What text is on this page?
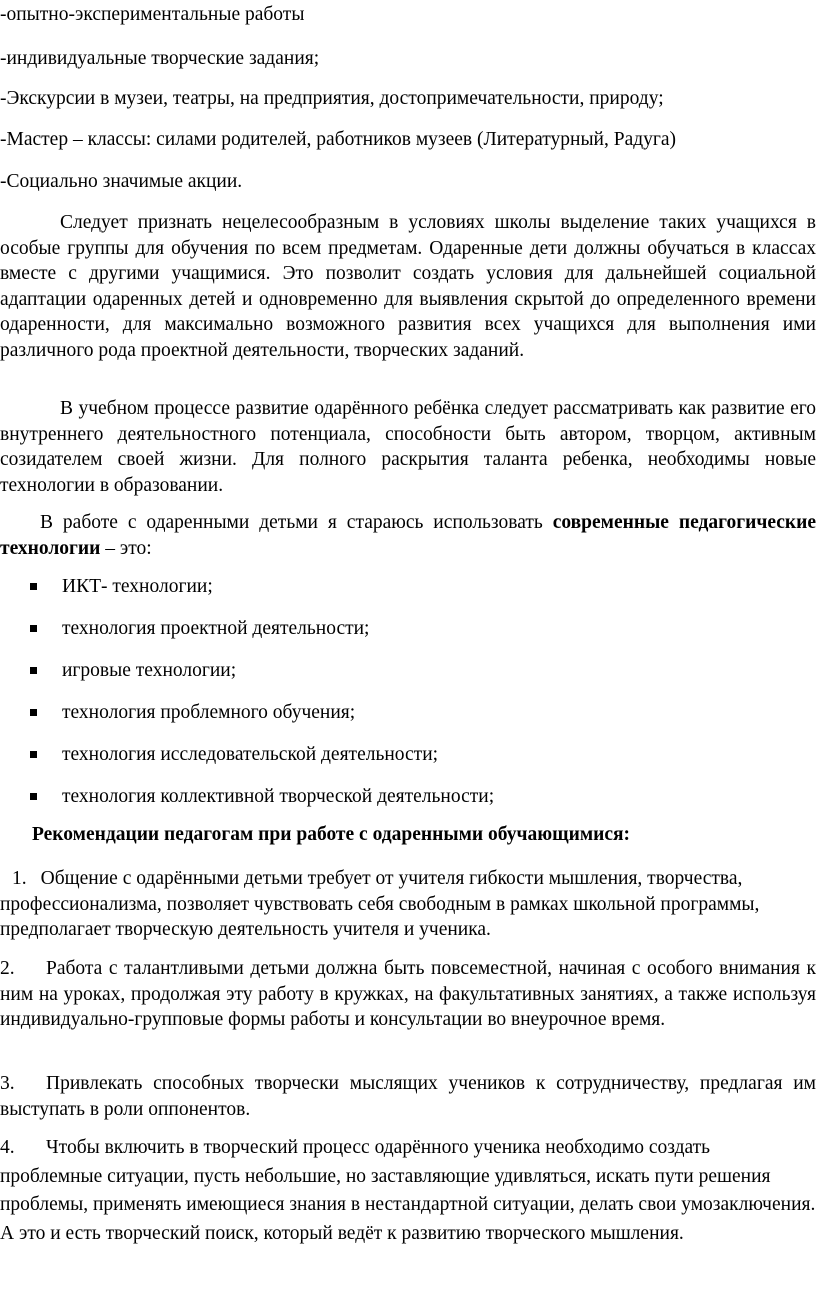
-опытно-экспериментальные работы

-индивидуальные творческие задания;

-Экскурсии в музеи, театры, на предприятия, достопримечательности, природу;

-Мастер – классы: силами родителей, работников музеев (Литературный, Радуга)

-Социально значимые акции.

Следует признать нецелесообразным в условиях школы выделение таких учащихся в особые группы для обучения по всем предметам. Одаренные дети должны обучаться в классах вместе с другими учащимися. Это позволит создать условия для дальнейшей социальной адаптации одаренных детей и одновременно для выявления скрытой до определенного времени одаренности, для максимально возможного развития всех учащихся для выполнения ими различного рода проектной деятельности, творческих заданий.

В учебном процессе развитие одарённого ребёнка следует рассматривать как развитие его внутреннего деятельностного потенциала, способности быть автором, творцом, активным созидателем своей жизни. Для полного раскрытия таланта ребенка, необходимы новые технологии в образовании.

В работе с одаренными детьми я стараюсь использовать современные педагогические технологии – это:

ИКТ- технологии;
технология проектной деятельности;
игровые технологии;
технология проблемного обучения;
технология исследовательской деятельности;
технология коллективной творческой деятельности;

Рекомендации педагогам при работе с одаренными обучающимися:

1. Общение с одарёнными детьми требует от учителя гибкости мышления, творчества, профессионализма, позволяет чувствовать себя свободным в рамках школьной программы, предполагает творческую деятельность учителя и ученика.

2. Работа с талантливыми детьми должна быть повсеместной, начиная с особого внимания к ним на уроках, продолжая эту работу в кружках, на факультативных занятиях, а также используя индивидуально-групповые формы работы и консультации во внеурочное время.

3. Привлекать способных творчески мыслящих учеников к сотрудничеству, предлагая им выступать в роли оппонентов.

4. Чтобы включить в творческий процесс одарённого ученика необходимо создать проблемные ситуации, пусть небольшие, но заставляющие удивляться, искать пути решения проблемы, применять имеющиеся знания в нестандартной ситуации, делать свои умозаключения. А это и есть творческий поиск, который ведёт к развитию творческого мышления.
